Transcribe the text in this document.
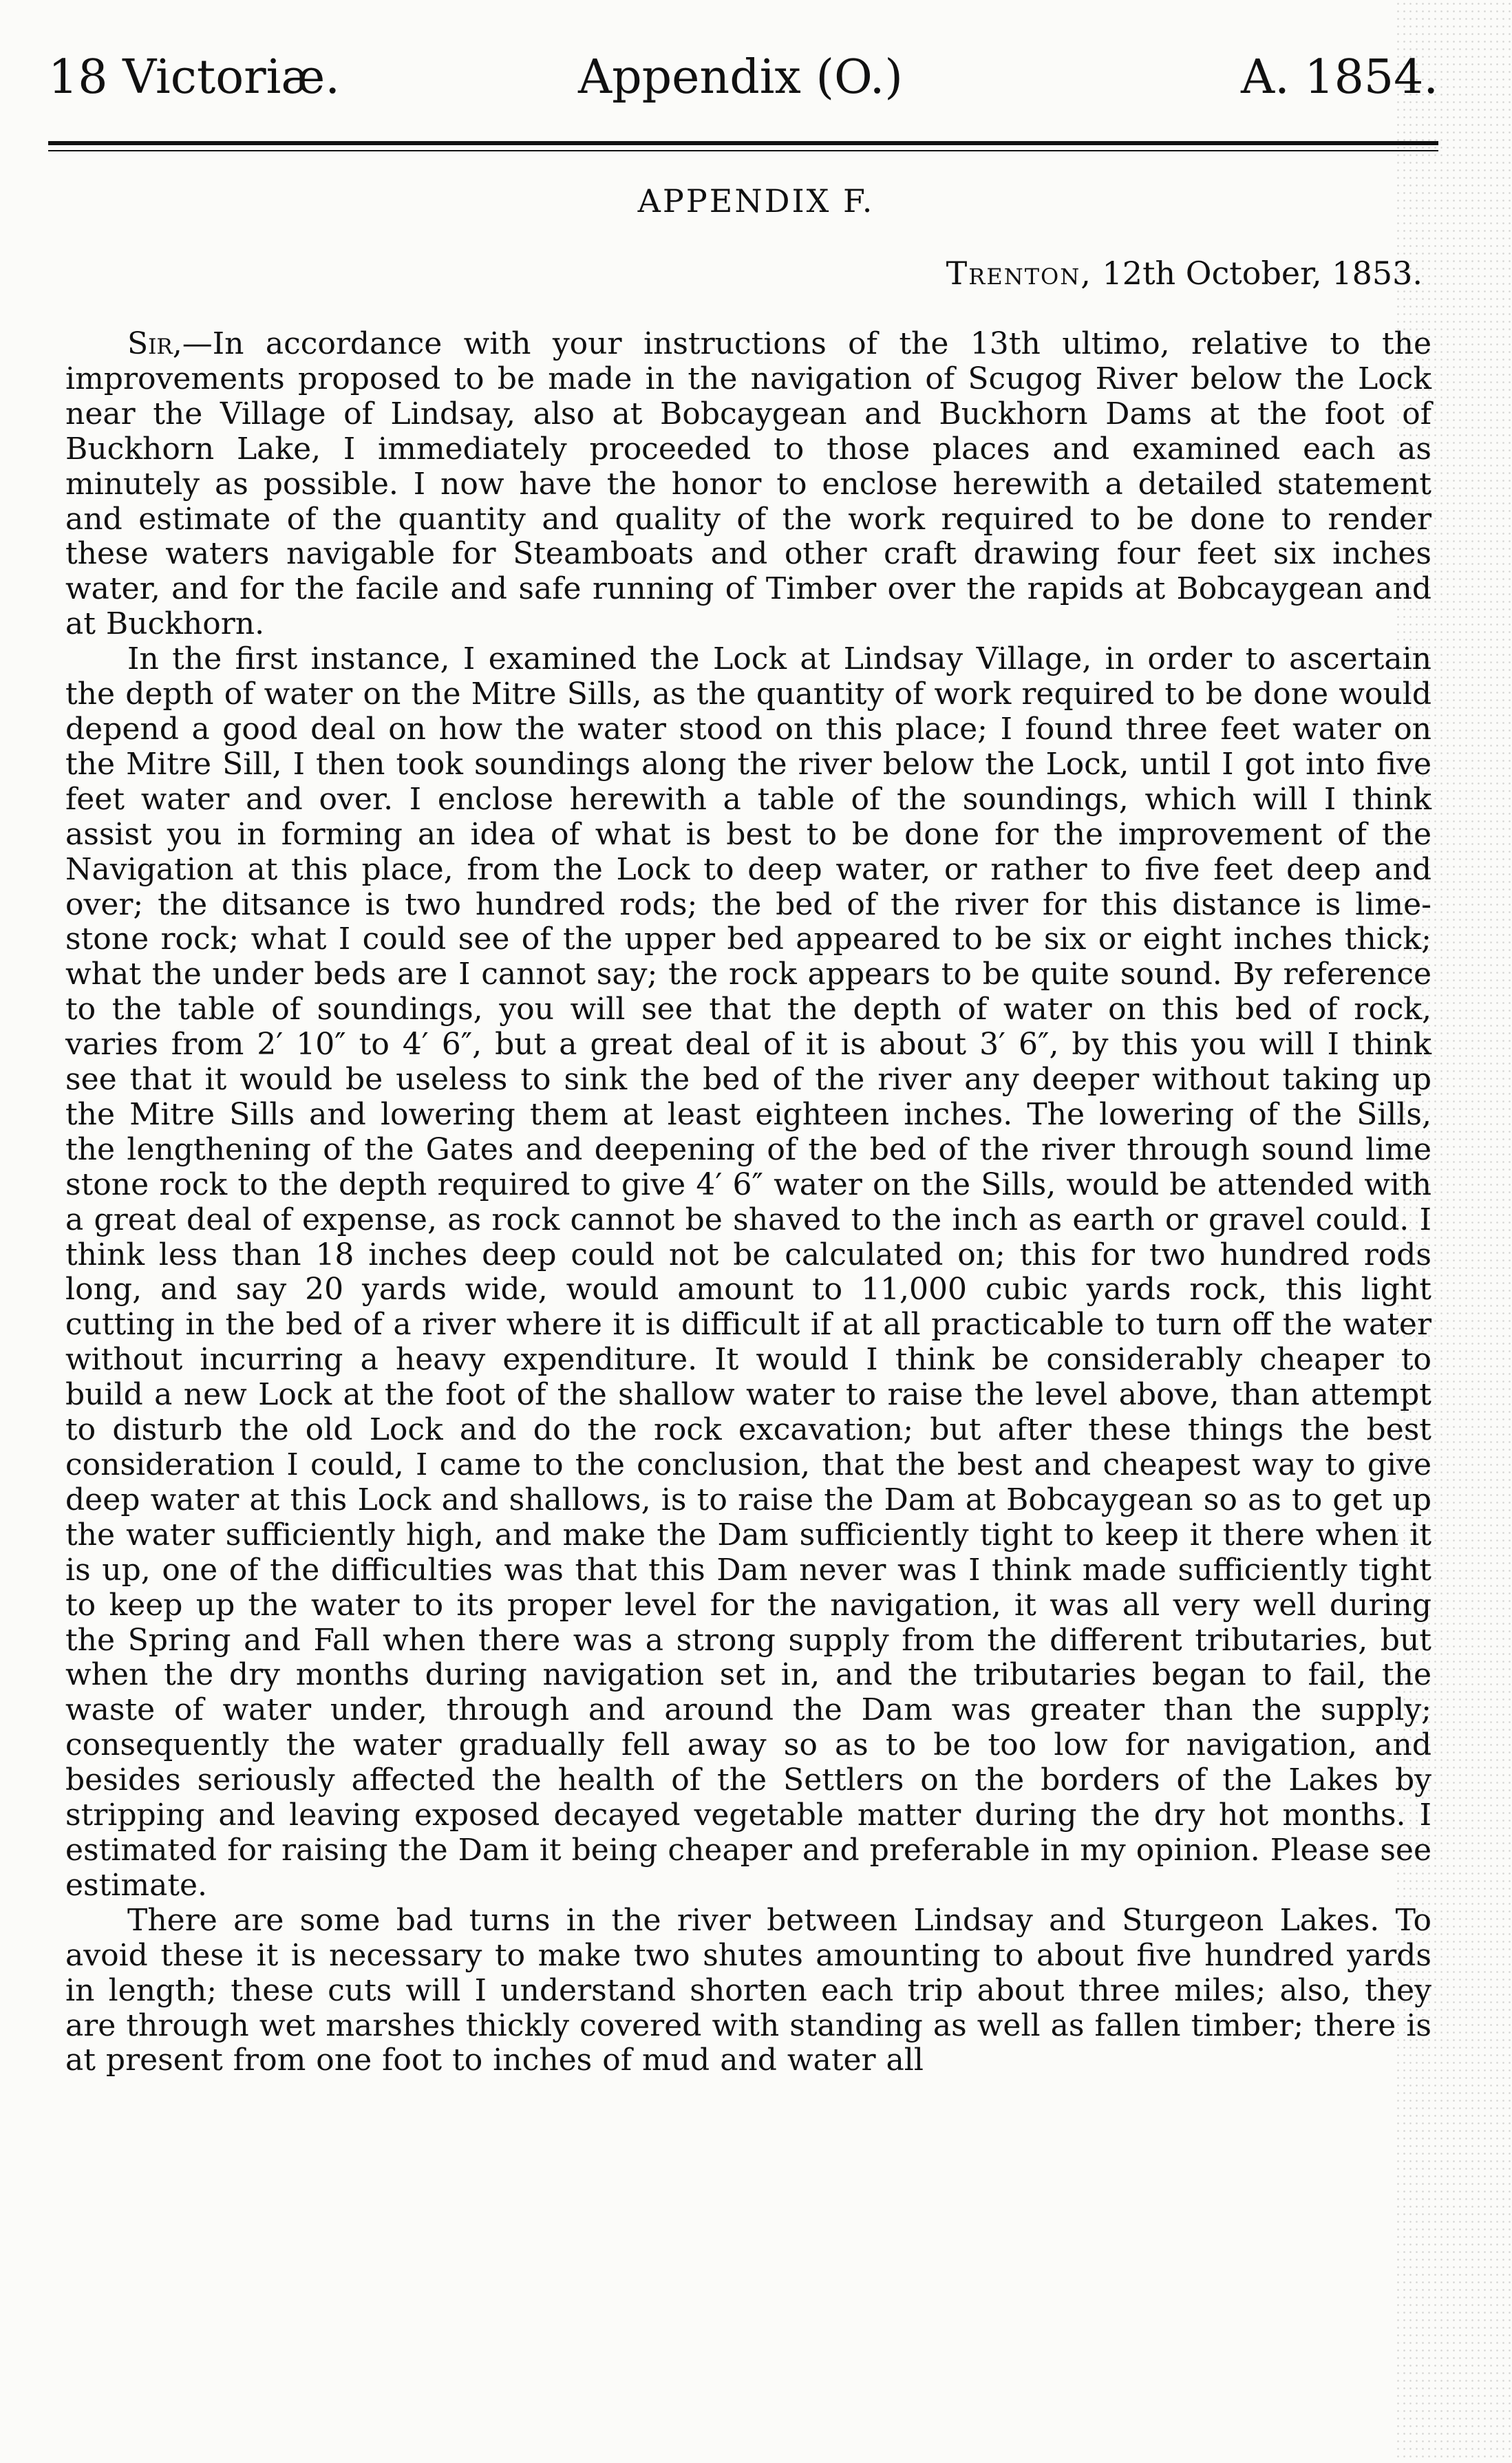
18 Victoriæ.	Appendix (O.)	A. 1854.
APPENDIX F.
Trenton, 12th October, 1853.

Sir,—In accordance with your instructions of the 13th ultimo, relative to the improvements proposed to be made in the navigation of Scugog River below the Lock near the Village of Lindsay, also at Bobcaygean and Buckhorn Dams at the foot of Buckhorn Lake, I immediately proceeded to those places and examined each as minutely as possible. I now have the honor to enclose herewith a detailed statement and estimate of the quantity and quality of the work required to be done to render these waters navigable for Steamboats and other craft drawing four feet six inches water, and for the facile and safe running of Timber over the rapids at Bobcaygean and at Buckhorn.

In the first instance, I examined the Lock at Lindsay Village, in order to ascertain the depth of water on the Mitre Sills, as the quantity of work required to be done would depend a good deal on how the water stood on this place; I found three feet water on the Mitre Sill, I then took soundings along the river below the Lock, until I got into five feet water and over. I enclose herewith a table of the soundings, which will I think assist you in forming an idea of what is best to be done for the improvement of the Navigation at this place, from the Lock to deep water, or rather to five feet deep and over; the ditsance is two hundred rods; the bed of the river for this distance is lime-stone rock; what I could see of the upper bed appeared to be six or eight inches thick; what the under beds are I cannot say; the rock appears to be quite sound. By reference to the table of soundings, you will see that the depth of water on this bed of rock, varies from 2′ 10″ to 4′ 6″, but a great deal of it is about 3′ 6″, by this you will I think see that it would be useless to sink the bed of the river any deeper without taking up the Mitre Sills and lowering them at least eighteen inches. The lowering of the Sills, the lengthening of the Gates and deepening of the bed of the river through sound lime stone rock to the depth required to give 4′ 6″ water on the Sills, would be attended with a great deal of expense, as rock cannot be shaved to the inch as earth or gravel could. I think less than 18 inches deep could not be calculated on; this for two hundred rods long, and say 20 yards wide, would amount to 11,000 cubic yards rock, this light cutting in the bed of a river where it is difficult if at all practicable to turn off the water without incurring a heavy expenditure. It would I think be considerably cheaper to build a new Lock at the foot of the shallow water to raise the level above, than attempt to disturb the old Lock and do the rock excavation; but after these things the best consideration I could, I came to the conclusion, that the best and cheapest way to give deep water at this Lock and shallows, is to raise the Dam at Bobcaygean so as to get up the water sufficiently high, and make the Dam sufficiently tight to keep it there when it is up, one of the difficulties was that this Dam never was I think made sufficiently tight to keep up the water to its proper level for the navigation, it was all very well during the Spring and Fall when there was a strong supply from the different tributaries, but when the dry months during navigation set in, and the tributaries began to fail, the waste of water under, through and around the Dam was greater than the supply; consequently the water gradually fell away so as to be too low for navigation, and besides seriously affected the health of the Settlers on the borders of the Lakes by stripping and leaving exposed decayed vegetable matter during the dry hot months. I estimated for raising the Dam it being cheaper and preferable in my opinion. Please see estimate.

There are some bad turns in the river between Lindsay and Sturgeon Lakes. To avoid these it is necessary to make two shutes amounting to about five hundred yards in length; these cuts will I understand shorten each trip about three miles; also, they are through wet marshes thickly covered with standing as well as fallen timber; there is at present from one foot to inches of mud and water all
